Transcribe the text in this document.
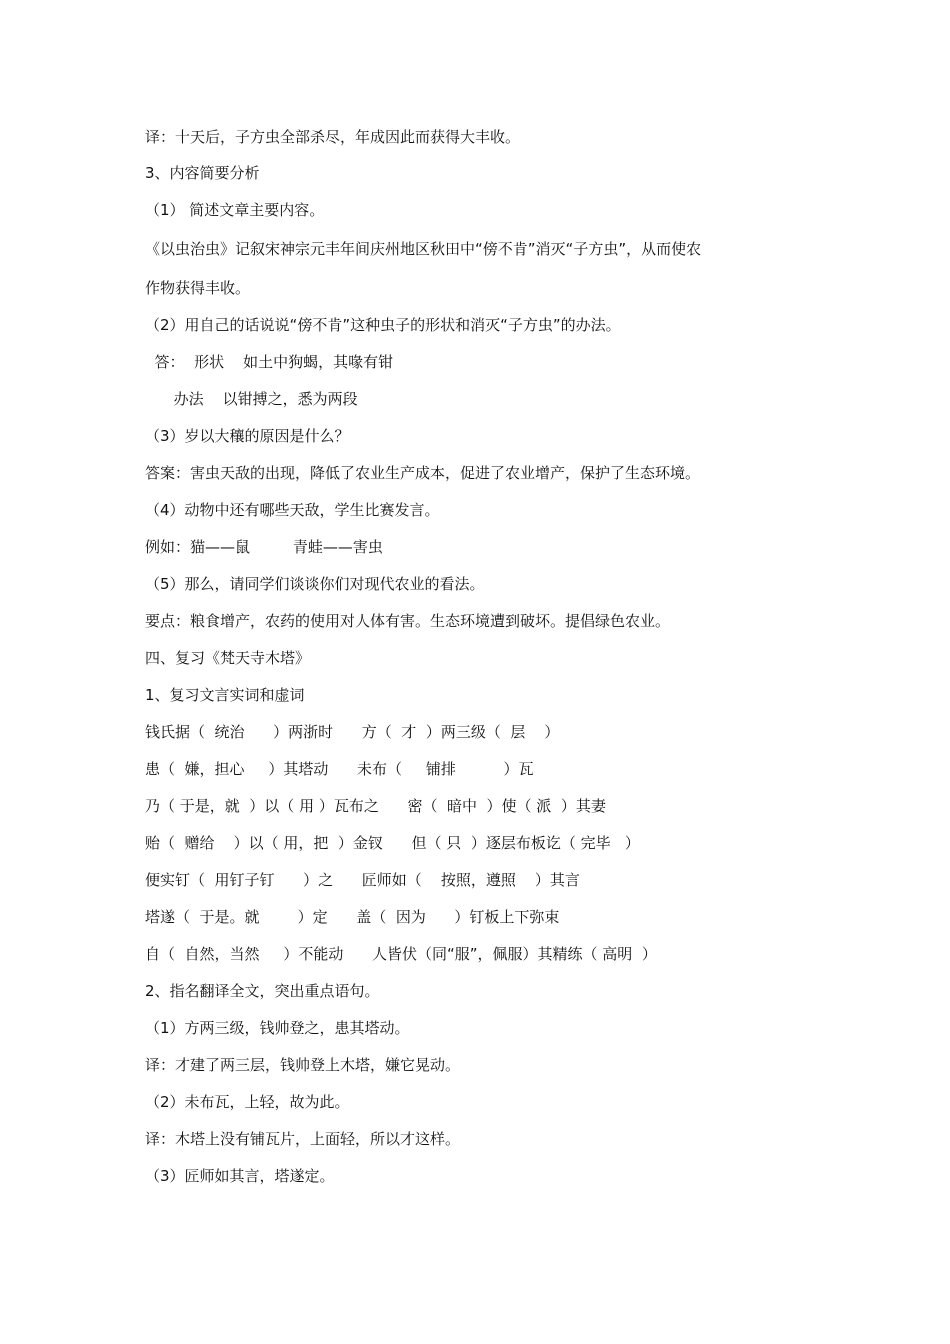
译：十天后，子方虫全部杀尽，年成因此而获得大丰收。
3、内容简要分析
（1） 简述文章主要内容。
《以虫治虫》记叙宋神宗元丰年间庆州地区秋田中“傍不肯”消灭“子方虫”，从而使农
作物获得丰收。
（2）用自己的话说说“傍不肯”这种虫子的形状和消灭“子方虫”的办法。
答：  形状    如土中狗蝎，其喙有钳
办法    以钳搏之，悉为两段
（3）岁以大穰的原因是什么？
答案：害虫天敌的出现，降低了农业生产成本，促进了农业增产，保护了生态环境。
（4）动物中还有哪些天敌，学生比赛发言。
例如：猫——鼠         青蛙——害虫
（5）那么，请同学们谈谈你们对现代农业的看法。
要点：粮食增产，农药的使用对人体有害。生态环境遭到破坏。提倡绿色农业。
四、复习《梵天寺木塔》
1、复习文言实词和虚词
钱氏据（  统治      ）两浙时      方（  才  ）两三级（  层    ）
患（  嫌，担心     ）其塔动      未布（     铺排          ）瓦
乃（ 于是，就  ）以（ 用 ）瓦布之      密（  暗中  ）使（ 派  ）其妻
贻（  赠给    ）以（ 用，把  ）金钗      但（ 只  ）逐层布板讫（ 完毕   ）
便实钉（  用钉子钉      ）之      匠师如（    按照，遵照    ）其言
塔遂（  于是。就        ）定      盖（  因为      ）钉板上下弥束
自（  自然，当然     ）不能动      人皆伏（同“服”，佩服）其精练（ 高明  ）
2、指名翻译全文，突出重点语句。
（1）方两三级，钱帅登之，患其塔动。
译：才建了两三层，钱帅登上木塔，嫌它晃动。
（2）未布瓦，上轻，故为此。
译：木塔上没有铺瓦片，上面轻，所以才这样。
（3）匠师如其言，塔遂定。
